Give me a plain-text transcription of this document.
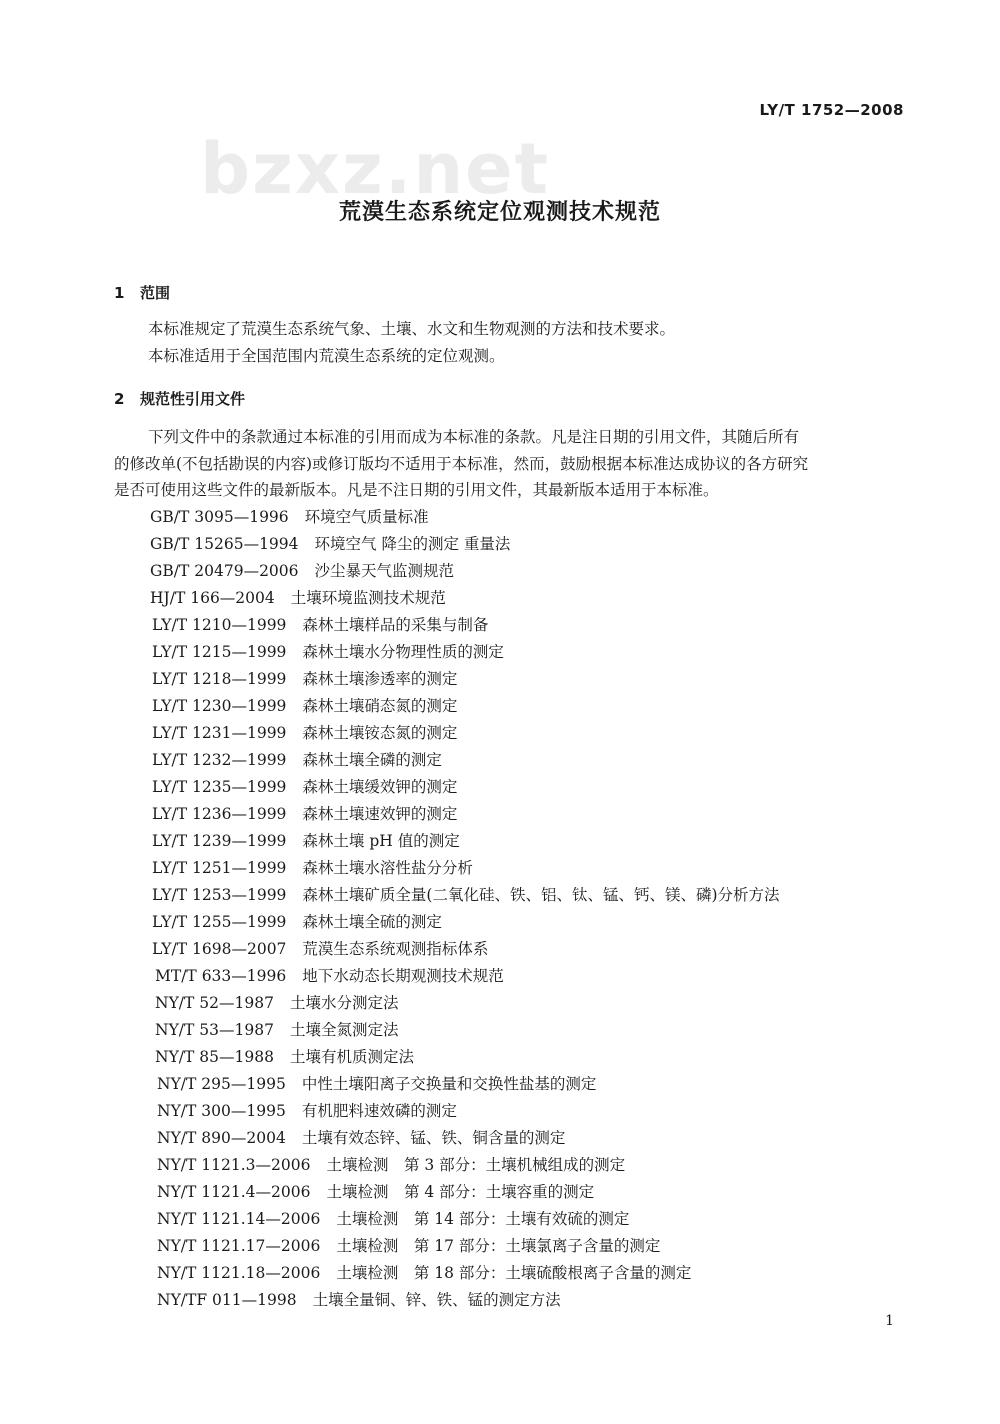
bzxz.net
LY/T 1752—2008
荒漠生态系统定位观测技术规范
1 范围
本标准规定了荒漠生态系统气象、土壤、水文和生物观测的方法和技术要求。
本标准适用于全国范围内荒漠生态系统的定位观测。
2 规范性引用文件
下列文件中的条款通过本标准的引用而成为本标准的条款。凡是注日期的引用文件，其随后所有
的修改单(不包括勘误的内容)或修订版均不适用于本标准，然而，鼓励根据本标准达成协议的各方研究
是否可使用这些文件的最新版本。凡是不注日期的引用文件，其最新版本适用于本标准。
GB/T 3095—1996 环境空气质量标准
GB/T 15265—1994 环境空气 降尘的测定 重量法
GB/T 20479—2006 沙尘暴天气监测规范
HJ/T 166—2004 土壤环境监测技术规范
LY/T 1210—1999 森林土壤样品的采集与制备
LY/T 1215—1999 森林土壤水分物理性质的测定
LY/T 1218—1999 森林土壤渗透率的测定
LY/T 1230—1999 森林土壤硝态氮的测定
LY/T 1231—1999 森林土壤铵态氮的测定
LY/T 1232—1999 森林土壤全磷的测定
LY/T 1235—1999 森林土壤缓效钾的测定
LY/T 1236—1999 森林土壤速效钾的测定
LY/T 1239—1999 森林土壤 pH 值的测定
LY/T 1251—1999 森林土壤水溶性盐分分析
LY/T 1253—1999 森林土壤矿质全量(二氧化硅、铁、铝、钛、锰、钙、镁、磷)分析方法
LY/T 1255—1999 森林土壤全硫的测定
LY/T 1698—2007 荒漠生态系统观测指标体系
MT/T 633—1996 地下水动态长期观测技术规范
NY/T 52—1987 土壤水分测定法
NY/T 53—1987 土壤全氮测定法
NY/T 85—1988 土壤有机质测定法
NY/T 295—1995 中性土壤阳离子交换量和交换性盐基的测定
NY/T 300—1995 有机肥料速效磷的测定
NY/T 890—2004 土壤有效态锌、锰、铁、铜含量的测定
NY/T 1121.3—2006 土壤检测　第 3 部分：土壤机械组成的测定
NY/T 1121.4—2006 土壤检测　第 4 部分：土壤容重的测定
NY/T 1121.14—2006 土壤检测　第 14 部分：土壤有效硫的测定
NY/T 1121.17—2006 土壤检测　第 17 部分：土壤氯离子含量的测定
NY/T 1121.18—2006 土壤检测　第 18 部分：土壤硫酸根离子含量的测定
NY/TF 011—1998 土壤全量铜、锌、铁、锰的测定方法
1
